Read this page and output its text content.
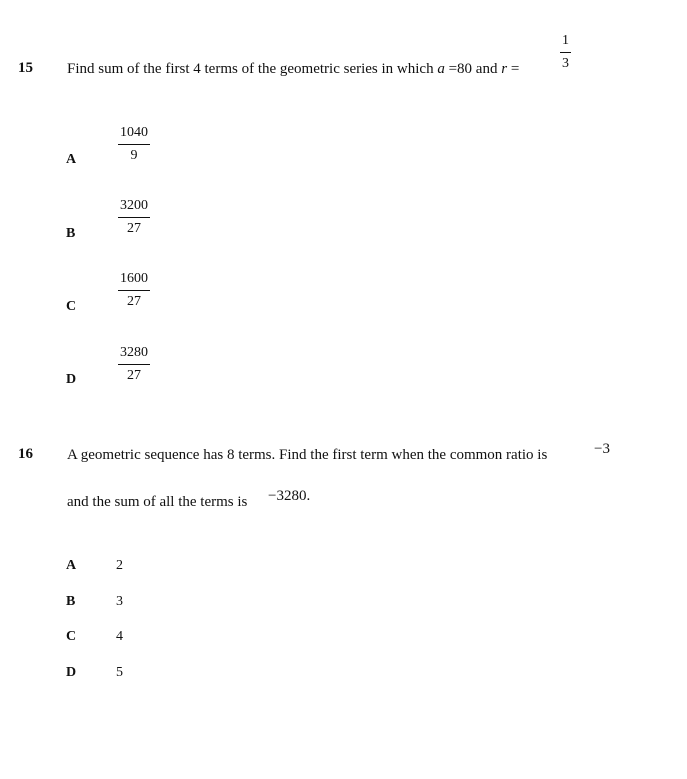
15 Find sum of the first 4 terms of the geometric series in which a =80 and r =	$\frac{1}{3}$
A	$\frac{1040}{9}$
B	$\frac{3200}{27}$
C	$\frac{1600}{27}$
D	$\frac{3280}{27}$
16 A geometric sequence has 8 terms. Find the first term when the common ratio is	−3
and the sum of all the terms is −3280.
A	2
B	3
C	4
D	5
